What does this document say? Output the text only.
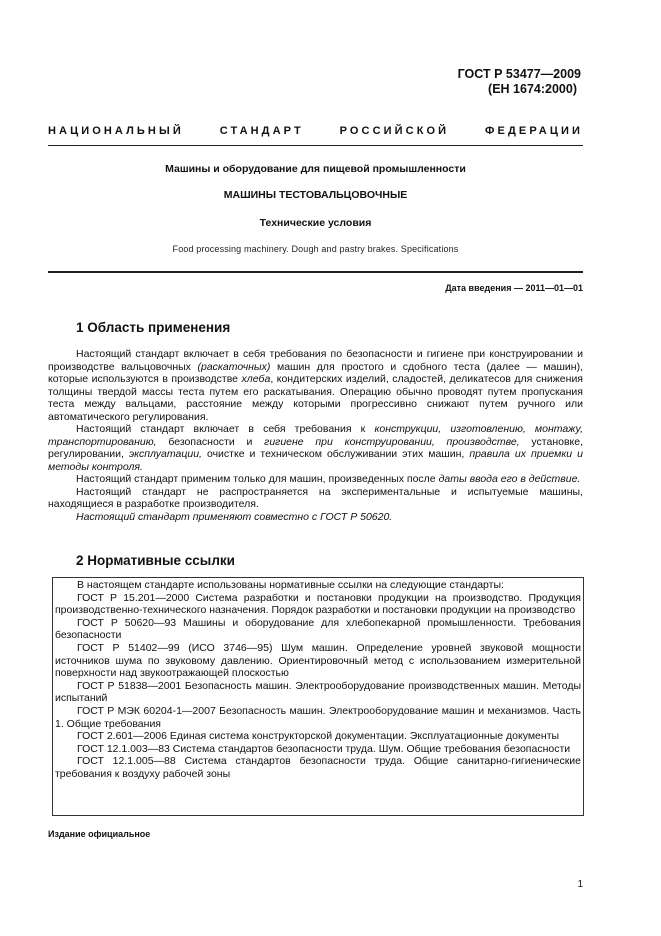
ГОСТ Р 53477—2009
(ЕН 1674:2000)
НАЦИОНАЛЬНЫЙ СТАНДАРТ РОССИЙСКОЙ ФЕДЕРАЦИИ
Машины и оборудование для пищевой промышленности
МАШИНЫ ТЕСТОВАЛЬЦОВОЧНЫЕ
Технические условия
Food processing machinery. Dough and pastry brakes. Specifications
Дата введения — 2011—01—01
1 Область применения

Настоящий стандарт включает в себя требования по безопасности и гигиене при конструировании и производстве вальцовочных (раскаточных) машин для простого и сдобного теста (далее — машин), которые используются в производстве хлеба, кондитерских изделий, сладостей, деликатесов для снижения толщины твердой массы теста путем его раскатывания. Операцию обычно проводят путем пропускания теста между вальцами, расстояние между которыми прогрессивно снижают путем ручного или автоматического регулирования.

Настоящий стандарт включает в себя требования к конструкции, изготовлению, монтажу, транспортированию, безопасности и гигиене при конструировании, производстве, установке, регулировании, эксплуатации, очистке и техническом обслуживании этих машин, правила их приемки и методы контроля.

Настоящий стандарт применим только для машин, произведенных после даты ввода его в действие.

Настоящий стандарт не распространяется на экспериментальные и испытуемые машины, находящиеся в разработке производителя.

Настоящий стандарт применяют совместно с ГОСТ Р 50620.

2 Нормативные ссылки

В настоящем стандарте использованы нормативные ссылки на следующие стандарты:

ГОСТ Р 15.201—2000 Система разработки и постановки продукции на производство. Продукция производственно-технического назначения. Порядок разработки и постановки продукции на производство

ГОСТ Р 50620—93 Машины и оборудование для хлебопекарной промышленности. Требования безопасности

ГОСТ Р 51402—99 (ИСО 3746—95) Шум машин. Определение уровней звуковой мощности источников шума по звуковому давлению. Ориентировочный метод с использованием измерительной поверхности над звукоотражающей плоскостью

ГОСТ Р 51838—2001 Безопасность машин. Электрооборудование производственных машин. Методы испытаний

ГОСТ Р МЭК 60204-1—2007 Безопасность машин. Электрооборудование машин и механизмов. Часть 1. Общие требования

ГОСТ 2.601—2006 Единая система конструкторской документации. Эксплуатационные документы

ГОСТ 12.1.003—83 Система стандартов безопасности труда. Шум. Общие требования безопасности

ГОСТ 12.1.005—88 Система стандартов безопасности труда. Общие санитарно-гигиенические требования к воздуху рабочей зоны

Издание официальное
1
